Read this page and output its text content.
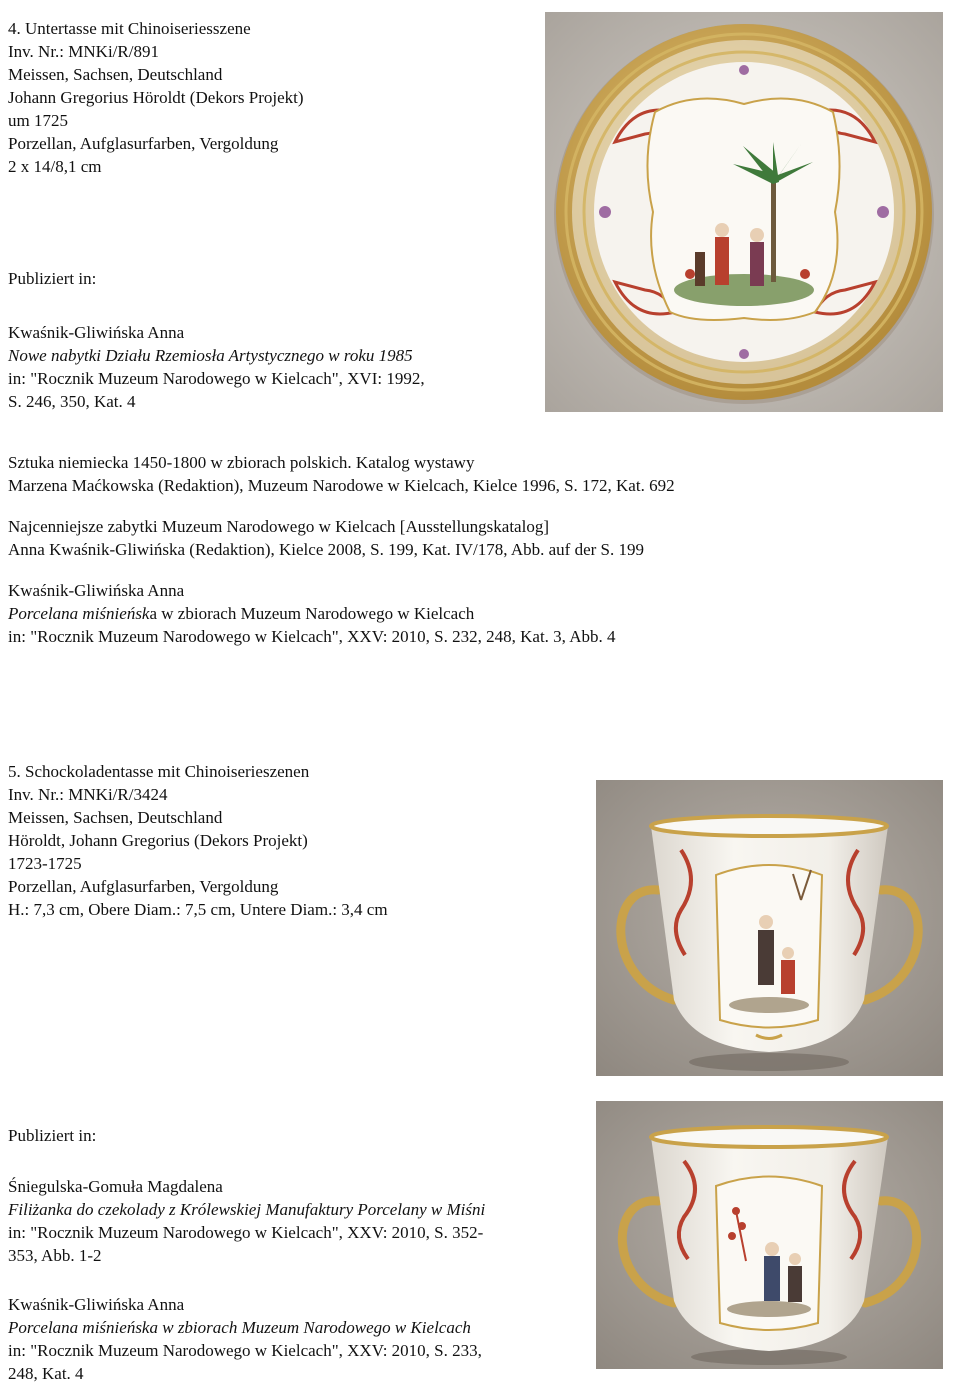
4. Untertasse mit Chinoiseriesszene
Inv. Nr.: MNKi/R/891
Meissen, Sachsen, Deutschland
Johann Gregorius Höroldt (Dekors Projekt)
um 1725
Porzellan, Aufglasurfarben, Vergoldung
2 x 14/8,1 cm
Publiziert in:
Kwaśnik-Gliwińska Anna
Nowe nabytki Działu Rzemiosła Artystycznego w roku 1985
in: "Rocznik Muzeum Narodowego w Kielcach", XVI: 1992,
S. 246, 350, Kat. 4
Sztuka niemiecka 1450-1800 w zbiorach polskich. Katalog wystawy
Marzena Maćkowska (Redaktion), Muzeum Narodowe w Kielcach, Kielce 1996, S. 172, Kat. 692
Najcenniejsze zabytki Muzeum Narodowego w Kielcach [Ausstellungskatalog]
Anna Kwaśnik-Gliwińska (Redaktion), Kielce 2008, S. 199, Kat. IV/178, Abb. auf der S. 199
Kwaśnik-Gliwińska Anna
Porcelana miśnieńska w zbiorach Muzeum Narodowego w Kielcach
in: "Rocznik Muzeum Narodowego w Kielcach", XXV: 2010, S. 232, 248, Kat. 3, Abb. 4
5. Schockoladentasse mit Chinoiserieszenen
Inv. Nr.: MNKi/R/3424
Meissen, Sachsen, Deutschland
Höroldt, Johann Gregorius (Dekors Projekt)
1723-1725
Porzellan, Aufglasurfarben, Vergoldung
H.: 7,3 cm, Obere Diam.: 7,5 cm, Untere Diam.: 3,4 cm
Publiziert in:
Śniegulska-Gomuła Magdalena
Filiżanka do czekolady z Królewskiej Manufaktury Porcelany w Miśni
in: "Rocznik Muzeum Narodowego w Kielcach", XXV: 2010, S. 352-
353, Abb. 1-2
Kwaśnik-Gliwińska Anna
Porcelana miśnieńska w zbiorach Muzeum Narodowego w Kielcach
in: "Rocznik Muzeum Narodowego w Kielcach", XXV: 2010, S. 233,
248, Kat. 4
